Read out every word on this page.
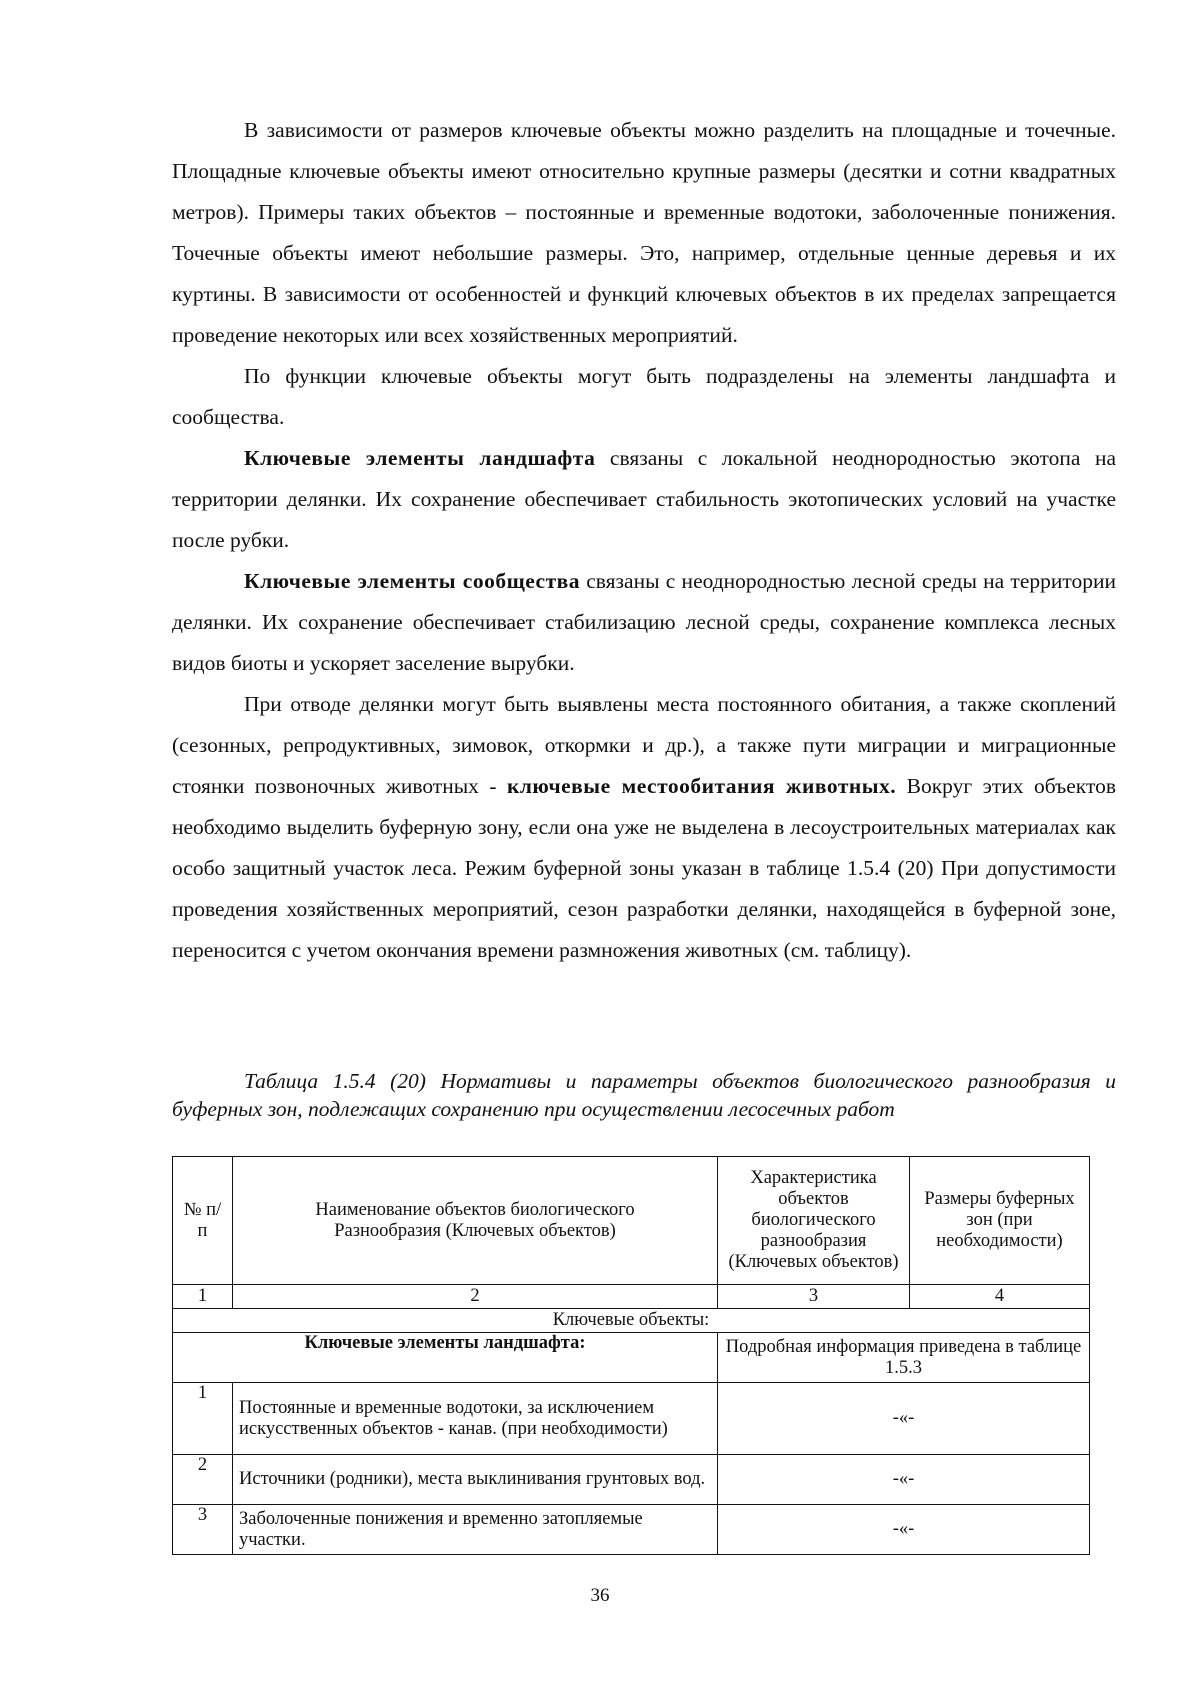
В зависимости от размеров ключевые объекты можно разделить на площадные и точечные. Площадные ключевые объекты имеют относительно крупные размеры (десятки и сотни квадратных метров). Примеры таких объектов – постоянные и временные водотоки, заболоченные понижения. Точечные объекты имеют небольшие размеры. Это, например, отдельные ценные деревья и их куртины. В зависимости от особенностей и функций ключевых объектов в их пределах запрещается проведение некоторых или всех хозяйственных мероприятий.

По функции ключевые объекты могут быть подразделены на элементы ландшафта и сообщества.

Ключевые элементы ландшафта связаны с локальной неоднородностью экотопа на территории делянки. Их сохранение обеспечивает стабильность экотопических условий на участке после рубки.

Ключевые элементы сообщества связаны с неоднородностью лесной среды на территории делянки. Их сохранение обеспечивает стабилизацию лесной среды, сохранение комплекса лесных видов биоты и ускоряет заселение вырубки.

При отводе делянки могут быть выявлены места постоянного обитания, а также скоплений (сезонных, репродуктивных, зимовок, откормки и др.), а также пути миграции и миграционные стоянки позвоночных животных - ключевые местообитания животных. Вокруг этих объектов необходимо выделить буферную зону, если она уже не выделена в лесоустроительных материалах как особо защитный участок леса. Режим буферной зоны указан в таблице 1.5.4 (20) При допустимости проведения хозяйственных мероприятий, сезон разработки делянки, находящейся в буферной зоне, переносится с учетом окончания времени размножения животных (см. таблицу).

Таблица 1.5.4 (20) Нормативы и параметры объектов биологического разнообразия и буферных зон, подлежащих сохранению при осуществлении лесосечных работ
№ п/п	Наименование объектов биологического Разнообразия (Ключевых объектов)	Характеристика объектов биологического разнообразия (Ключевых объектов)	Размеры буферных зон (при необходимости)
1	2	3	4
Ключевые объекты:			
Ключевые элементы ландшафта:		Подробная информация приведена в таблице 1.5.3	
1	Постоянные и временные водотоки, за исключением искусственных объектов - канав. (при необходимости)	-«-	
2	Источники (родники), места выклинивания грунтовых вод.	-«-	
3	Заболоченные понижения и временно затопляемые участки.	-«-	
36
